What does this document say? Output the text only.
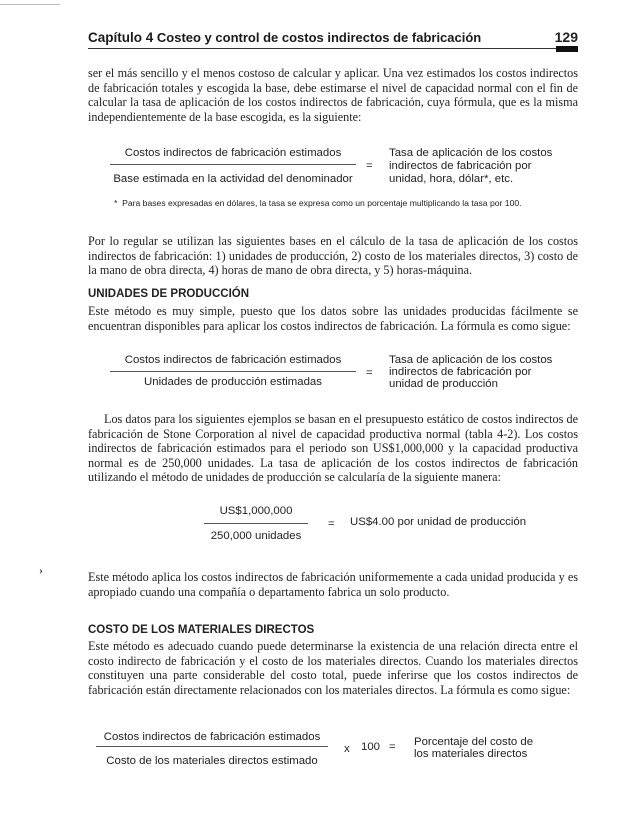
Capítulo 4 Costeo y control de costos indirectos de fabricación	129
ser el más sencillo y el menos costoso de calcular y aplicar. Una vez estimados los costos indirectos de fabricación totales y escogida la base, debe estimarse el nivel de capacidad normal con el fin de calcular la tasa de aplicación de los costos indirectos de fabricación, cuya fórmula, que es la misma independientemente de la base escogida, es la siguiente:
Costos indirectos de fabricación estimados
Base estimada en la actividad del denominador
=
Tasa de aplicación de los costos
indirectos de fabricación por
unidad, hora, dólar*, etc.
* Para bases expresadas en dólares, la tasa se expresa como un porcentaje multiplicando la tasa por 100.
Por lo regular se utilizan las siguientes bases en el cálculo de la tasa de aplicación de los costos indirectos de fabricación: 1) unidades de producción, 2) costo de los materiales directos, 3) costo de la mano de obra directa, 4) horas de mano de obra directa, y 5) horas-máquina.
UNIDADES DE PRODUCCIÓN
Este método es muy simple, puesto que los datos sobre las unidades producidas fácilmente se encuentran disponibles para aplicar los costos indirectos de fabricación. La fórmula es como sigue:
Costos indirectos de fabricación estimados
Unidades de producción estimadas
=
Tasa de aplicación de los costos
indirectos de fabricación por
unidad de producción
Los datos para los siguientes ejemplos se basan en el presupuesto estático de costos indirectos de fabricación de Stone Corporation al nivel de capacidad productiva normal (tabla 4-2). Los costos indirectos de fabricación estimados para el periodo son US$1,000,000 y la capacidad productiva normal es de 250,000 unidades. La tasa de aplicación de los costos indirectos de fabricación utilizando el método de unidades de producción se calcularía de la siguiente manera:
US$1,000,000
250,000 unidades
= US$4.00 por unidad de producción
›	Este método aplica los costos indirectos de fabricación uniformemente a cada unidad producida y es apropiado cuando una compañía o departamento fabrica un solo producto.
COSTO DE LOS MATERIALES DIRECTOS
Este método es adecuado cuando puede determinarse la existencia de una relación directa entre el costo indirecto de fabricación y el costo de los materiales directos. Cuando los materiales directos constituyen una parte considerable del costo total, puede inferirse que los costos indirectos de fabricación están directamente relacionados con los materiales directos. La fórmula es como sigue:
Costos indirectos de fabricación estimados
Costo de los materiales directos estimado
x 100 = Porcentaje del costo de
los materiales directos
